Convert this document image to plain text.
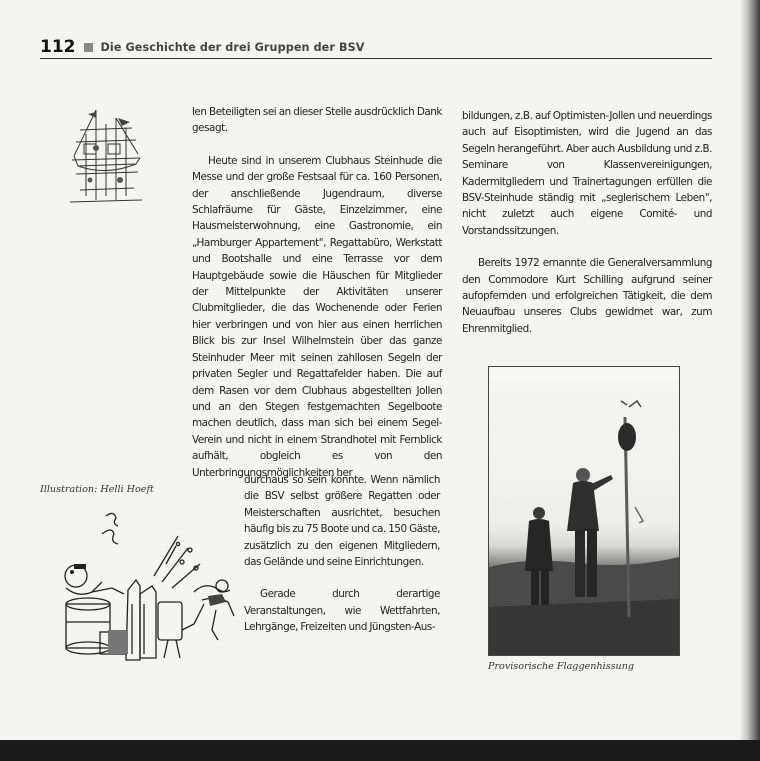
112 Die Geschichte der drei Gruppen der BSV

len Beteiligten sei an dieser Stelle ausdrücklich Dank gesagt.

Heute sind in unserem Clubhaus Steinhude die Messe und der große Festsaal für ca. 160 Personen, der anschließende Jugendraum, diverse Schlafräume für Gäste, Einzelzimmer, eine Hausmeisterwohnung, eine Gastronomie, ein „Hamburger Appartement", Regattabüro, Werkstatt und Bootshalle und eine Terrasse vor dem Hauptgebäude sowie die Häuschen für Mitglieder der Mittelpunkte der Aktivitäten unserer Clubmitglieder, die das Wochenende oder Ferien hier verbringen und von hier aus einen herrlichen Blick bis zur Insel Wilhelmstein über das ganze Steinhuder Meer mit seinen zahllosen Segeln der privaten Segler und Regattafelder haben. Die auf dem Rasen vor dem Clubhaus abgestellten Jollen und an den Stegen festgemachten Segelboote machen deutlich, dass man sich bei einem Segel-Verein und nicht in einem Strandhotel mit Fernblick aufhält, obgleich es von den Unterbringungsmöglichkeiten her

Illustration: Helli Hoeft

durchaus so sein könnte. Wenn nämlich die BSV selbst größere Regatten oder Meisterschaften ausrichtet, besuchen häufig bis zu 75 Boote und ca. 150 Gäste, zusätzlich zu den eigenen Mitgliedern, das Gelände und seine Einrichtungen.

Gerade durch derartige Veranstaltungen, wie Wettfahrten, Lehrgänge, Freizeiten und Jüngsten-Aus-

bildungen, z.B. auf Optimisten-Jollen und neuerdings auch auf Eisoptimisten, wird die Jugend an das Segeln herangeführt. Aber auch Ausbildung und z.B. Seminare von Klassenvereinigungen, Kadermitgliedern und Trainertagungen erfüllen die BSV-Steinhude ständig mit „seglerischem Leben", nicht zuletzt auch eigene Comité- und Vorstandssitzungen.

Bereits 1972 ernannte die Generalversammlung den Commodore Kurt Schilling aufgrund seiner aufopfernden und erfolgreichen Tätigkeit, die dem Neuaufbau unseres Clubs gewidmet war, zum Ehrenmitglied.

Provisorische Flaggenhissung
